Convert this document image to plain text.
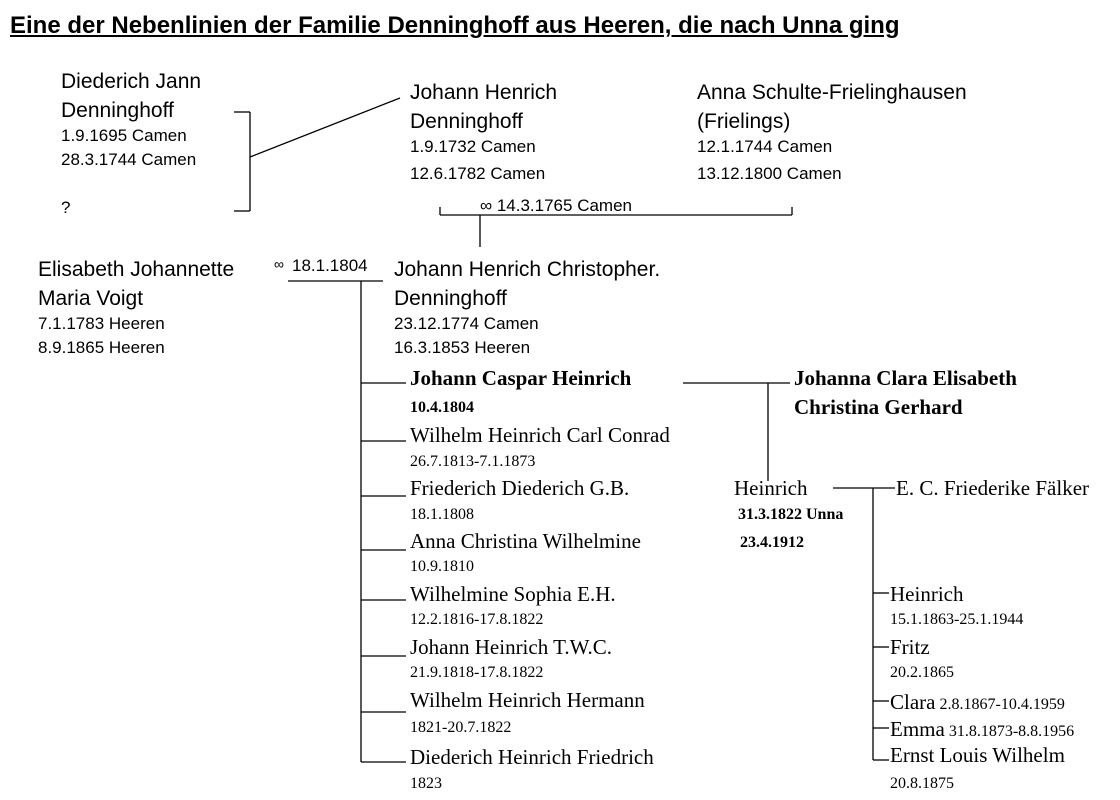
Eine der Nebenlinien der Familie Denninghoff aus Heeren, die nach Unna ging
Diederich Jann
Denninghoff
1.9.1695 Camen
28.3.1744 Camen
?
Johann Henrich
Denninghoff
1.9.1732 Camen
12.6.1782 Camen
Anna Schulte-Frielinghausen
(Frielings)
12.1.1744 Camen
13.12.1800 Camen
∞ 14.3.1765 Camen
Elisabeth Johannette
Maria Voigt
7.1.1783 Heeren
8.9.1865 Heeren
∞ 18.1.1804 Johann Henrich Christopher.
Denninghoff
23.12.1774 Camen
16.3.1853 Heeren
Johann Caspar Heinrich
10.4.1804
Wilhelm Heinrich Carl Conrad
26.7.1813-7.1.1873
Friederich Diederich G.B.
18.1.1808
Anna Christina Wilhelmine
10.9.1810
Wilhelmine Sophia E.H.
12.2.1816-17.8.1822
Johann Heinrich T.W.C.
21.9.1818-17.8.1822
Wilhelm Heinrich Hermann
1821-20.7.1822
Diederich Heinrich Friedrich
1823
Johanna Clara Elisabeth
Christina Gerhard
Heinrich
31.3.1822 Unna
23.4.1912
E. C. Friederike Fälker
Heinrich
15.1.1863-25.1.1944
Fritz
20.2.1865
Clara 2.8.1867-10.4.1959
Emma 31.8.1873-8.8.1956
Ernst Louis Wilhelm
20.8.1875
